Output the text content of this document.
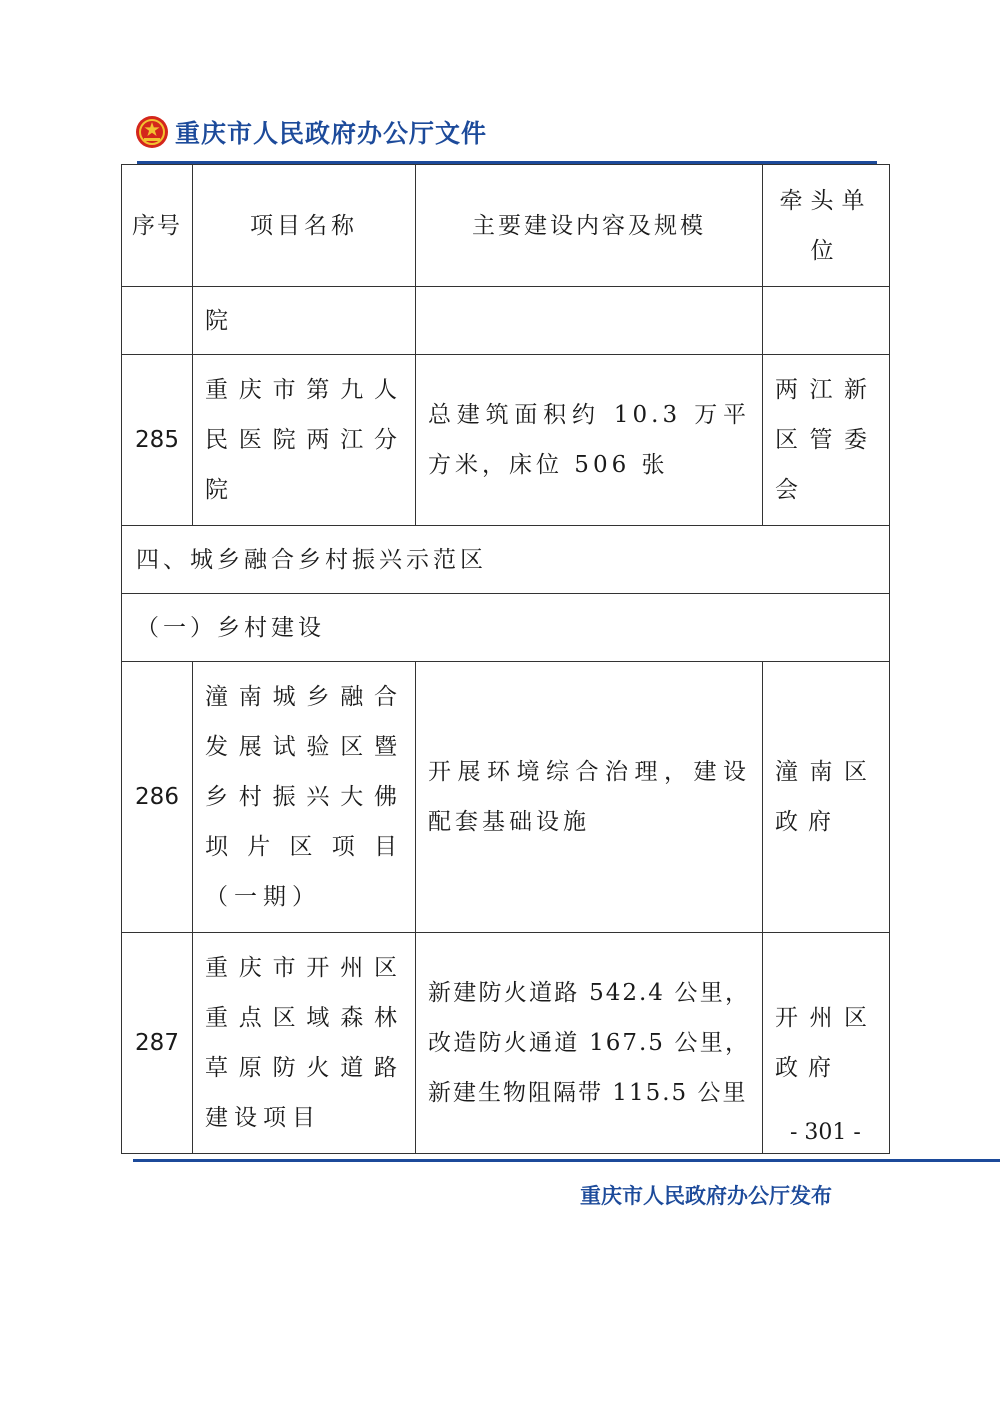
重庆市人民政府办公厅文件
序号	项目名称	主要建设内容及规模	牵头单位
	院		
285	重庆市第九人民医院两江分院	总建筑面积约 10.3 万平方米，床位 506 张	两江新区管委会
四、城乡融合乡村振兴示范区			
（一）乡村建设			
286	潼南城乡融合发展试验区暨乡村振兴大佛坝片区项目（一期）	开展环境综合治理，建设配套基础设施	潼南区政府
287	重庆市开州区重点区域森林草原防火道路建设项目	新建防火道路 542.4 公里，改造防火通道 167.5 公里，新建生物阻隔带 115.5 公里	开州区政府
- 301 -
重庆市人民政府办公厅发布
